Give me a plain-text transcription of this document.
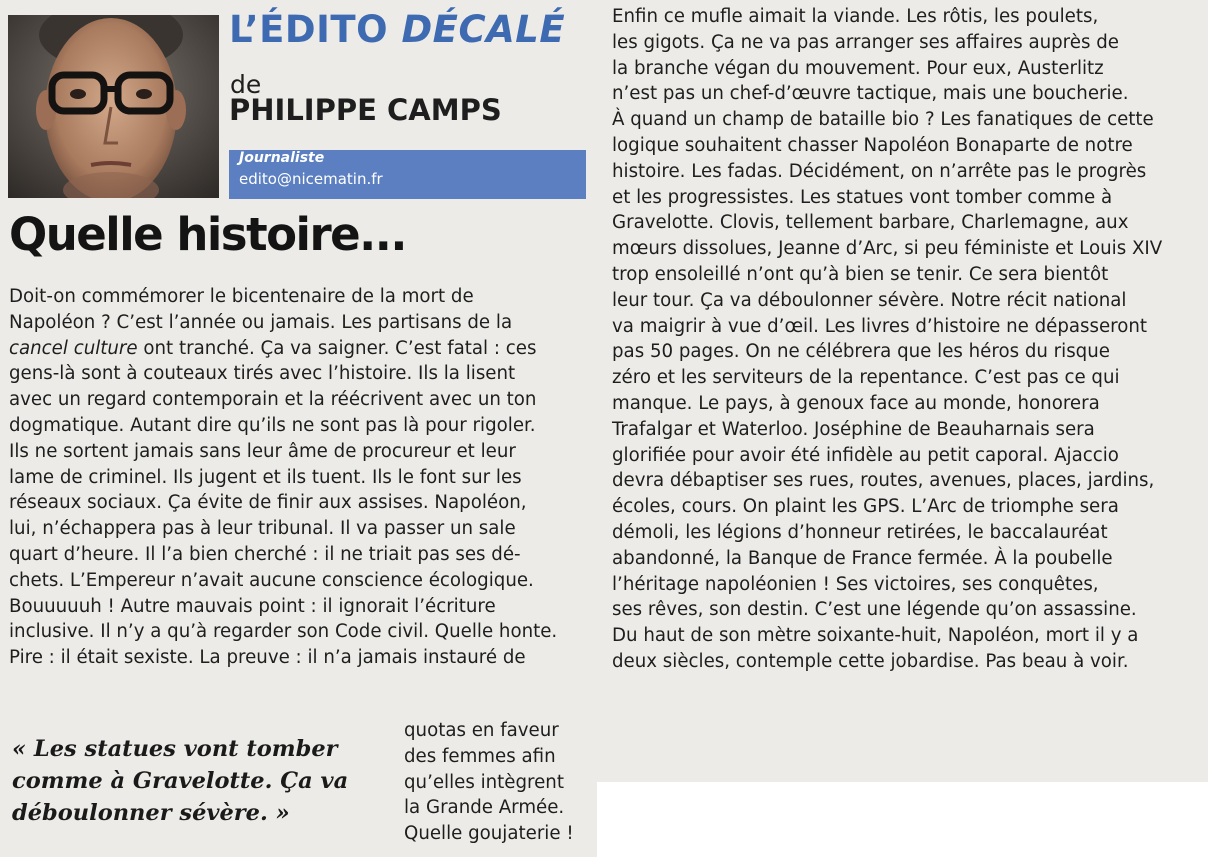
L’ÉDITO DÉCALÉ
de
PHILIPPE CAMPS
Journaliste
edito@nicematin.fr
Quelle histoire...
Doit-on commémorer le bicentenaire de la mort de
Napoléon ? C’est l’année ou jamais. Les partisans de la
cancel culture ont tranché. Ça va saigner. C’est fatal : ces
gens-là sont à couteaux tirés avec l’histoire. Ils la lisent
avec un regard contemporain et la réécrivent avec un ton
dogmatique. Autant dire qu’ils ne sont pas là pour rigoler.
Ils ne sortent jamais sans leur âme de procureur et leur
lame de criminel. Ils jugent et ils tuent. Ils le font sur les
réseaux sociaux. Ça évite de finir aux assises. Napoléon,
lui, n’échappera pas à leur tribunal. Il va passer un sale
quart d’heure. Il l’a bien cherché : il ne triait pas ses dé-
chets. L’Empereur n’avait aucune conscience écologique.
Bouuuuuh ! Autre mauvais point : il ignorait l’écriture
inclusive. Il n’y a qu’à regarder son Code civil. Quelle honte.
Pire : il était sexiste. La preuve : il n’a jamais instauré de
« Les statues vont tomber
comme à Gravelotte. Ça va
déboulonner sévère. »
quotas en faveur
des femmes afin
qu’elles intègrent
la Grande Armée.
Quelle goujaterie !
Enfin ce mufle aimait la viande. Les rôtis, les poulets,
les gigots. Ça ne va pas arranger ses affaires auprès de
la branche végan du mouvement. Pour eux, Austerlitz
n’est pas un chef-d’œuvre tactique, mais une boucherie.
À quand un champ de bataille bio ? Les fanatiques de cette
logique souhaitent chasser Napoléon Bonaparte de notre
histoire. Les fadas. Décidément, on n’arrête pas le progrès
et les progressistes. Les statues vont tomber comme à
Gravelotte. Clovis, tellement barbare, Charlemagne, aux
mœurs dissolues, Jeanne d’Arc, si peu féministe et Louis XIV
trop ensoleillé n’ont qu’à bien se tenir. Ce sera bientôt
leur tour. Ça va déboulonner sévère. Notre récit national
va maigrir à vue d’œil. Les livres d’histoire ne dépasseront
pas 50 pages. On ne célébrera que les héros du risque
zéro et les serviteurs de la repentance. C’est pas ce qui
manque. Le pays, à genoux face au monde, honorera
Trafalgar et Waterloo. Joséphine de Beauharnais sera
glorifiée pour avoir été infidèle au petit caporal. Ajaccio
devra débaptiser ses rues, routes, avenues, places, jardins,
écoles, cours. On plaint les GPS. L’Arc de triomphe sera
démoli, les légions d’honneur retirées, le baccalauréat
abandonné, la Banque de France fermée. À la poubelle
l’héritage napoléonien ! Ses victoires, ses conquêtes,
ses rêves, son destin. C’est une légende qu’on assassine.
Du haut de son mètre soixante-huit, Napoléon, mort il y a
deux siècles, contemple cette jobardise. Pas beau à voir.
